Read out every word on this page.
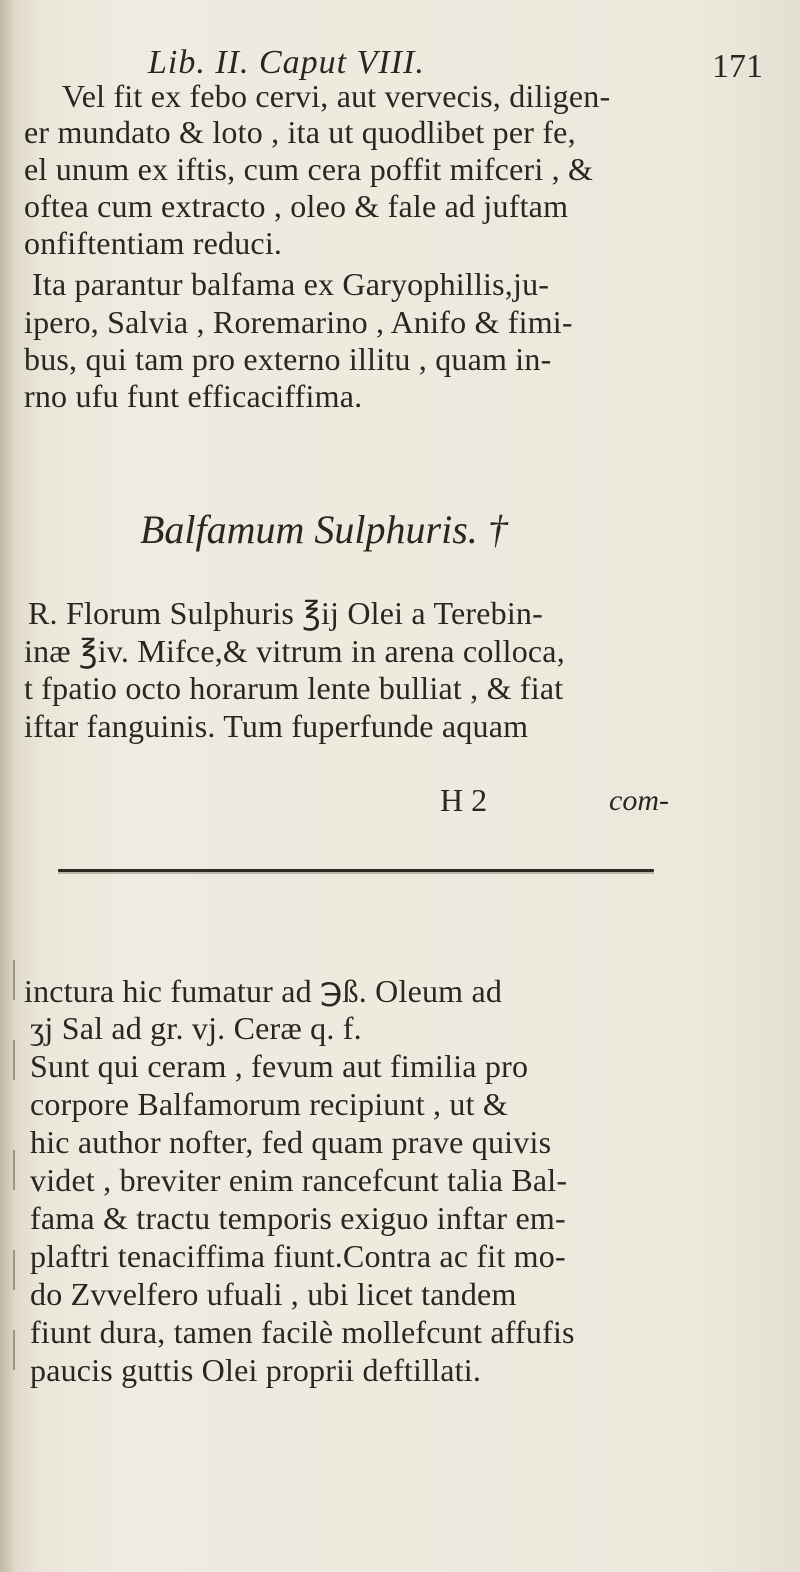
Lib. II. Caput VIII.	171
Vel fit ex febo cervi, aut vervecis, diligen-
er mundato & loto , ita ut quodlibet per fe,
el unum ex iftis, cum cera poffit mifceri , &
oftea cum extracto , oleo & fale ad juftam
onfiftentiam reduci.
Ita parantur balfama ex Garyophillis,ju-
ipero, Salvia , Roremarino , Anifo & fimi-
bus, qui tam pro externo illitu , quam in-
rno ufu funt efficaciffima.
Balfamum Sulphuris. †
R. Florum Sulphuris ℥ij Olei a Terebin-
inæ ℥iv. Mifce,& vitrum in arena colloca,
t fpatio octo horarum lente bulliat , & fiat
iftar fanguinis. Tum fuperfunde aquam
H 2	com-
inctura hic fumatur ad ℈ß. Oleum ad
ʒj Sal ad gr. vj. Ceræ q. f.
Sunt qui ceram , fevum aut fimilia pro
corpore Balfamorum recipiunt , ut &
hic author nofter, fed quam prave quivis
videt , breviter enim rancefcunt talia Bal-
fama & tractu temporis exiguo inftar em-
plaftri tenaciffima fiunt.Contra ac fit mo-
do Zvvelfero ufuali , ubi licet tandem
fiunt dura, tamen facilè mollefcunt affufis
paucis guttis Olei proprii deftillati.
